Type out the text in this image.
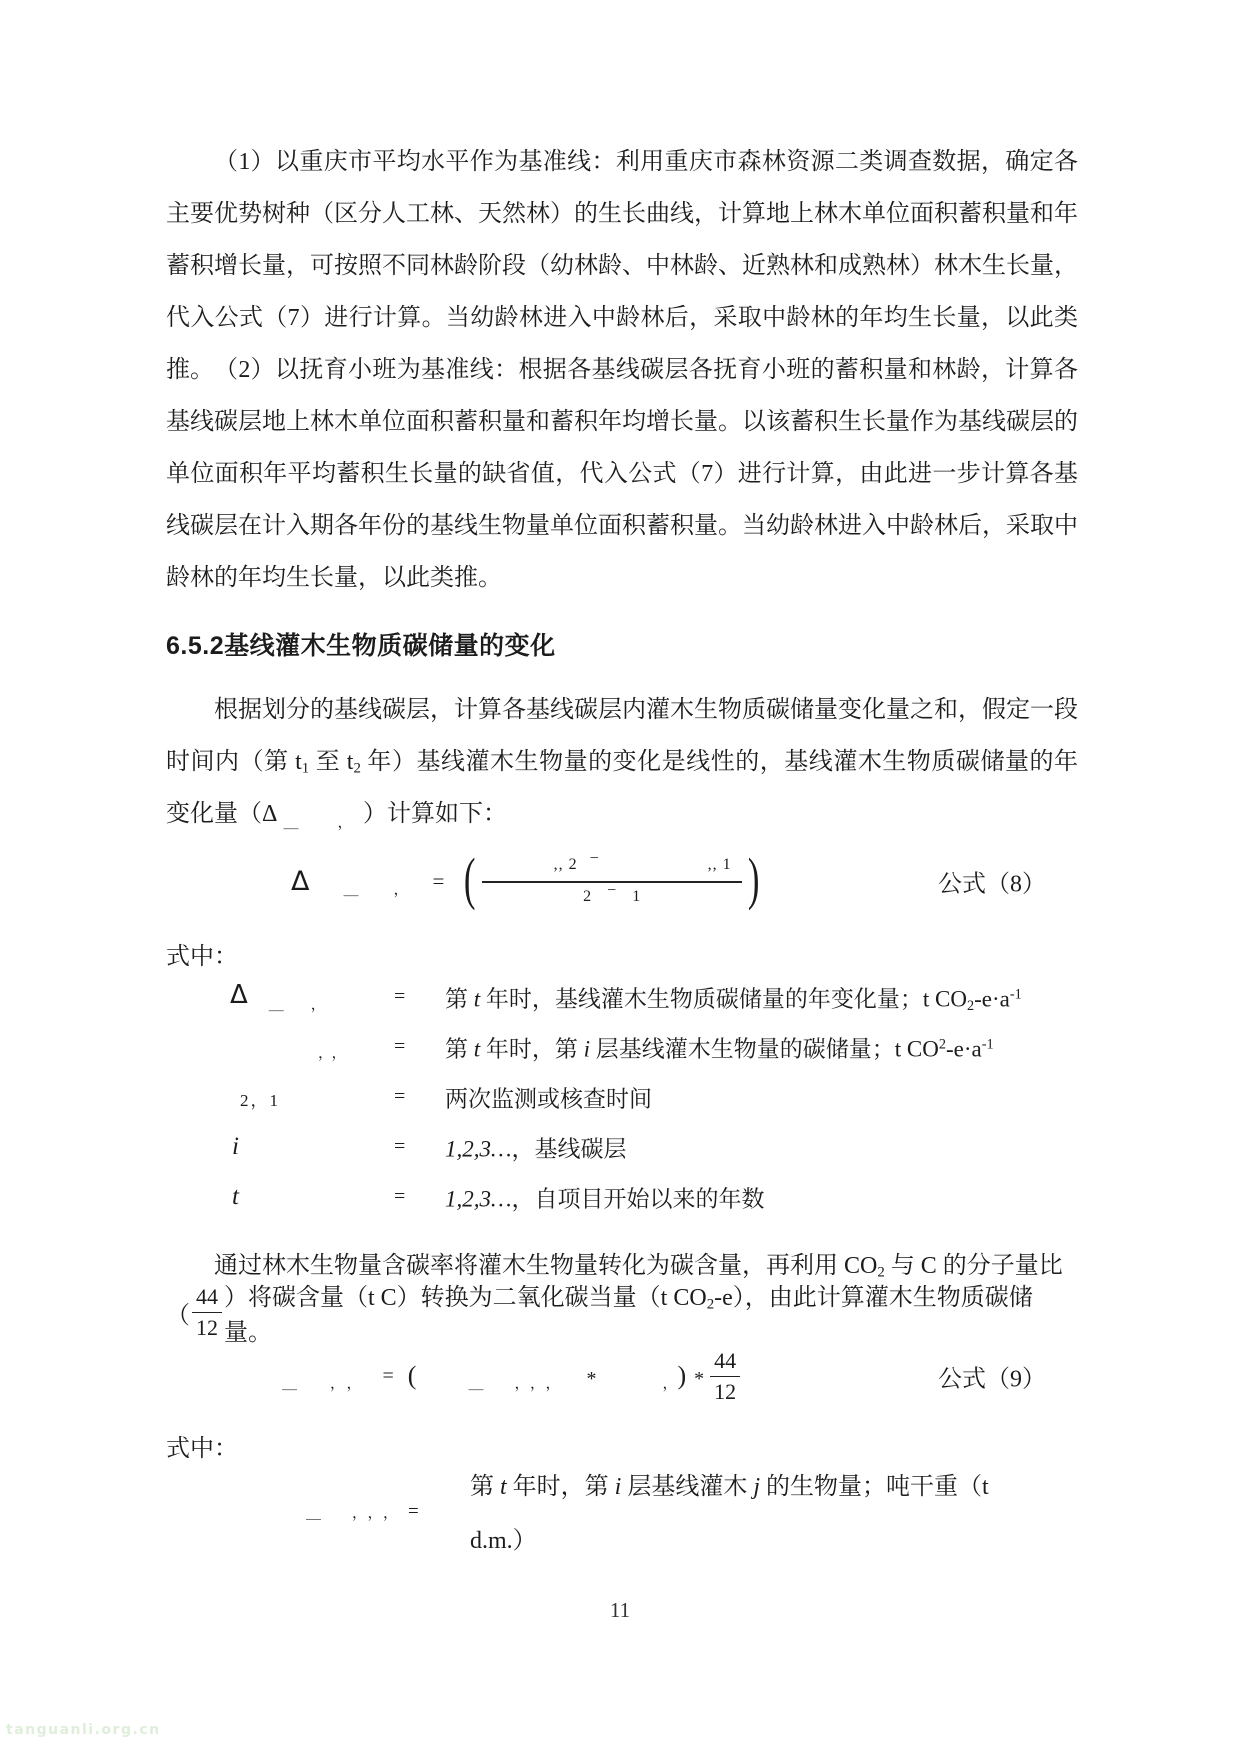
（1）以重庆市平均水平作为基准线：利用重庆市森林资源二类调查数据，确定各主要优势树种（区分人工林、天然林）的生长曲线，计算地上林木单位面积蓄积量和年蓄积增长量，可按照不同林龄阶段（幼林龄、中林龄、近熟林和成熟林）林木生长量，代入公式（7）进行计算。当幼龄林进入中龄林后，采取中龄林的年均生长量，以此类推。 （2）以抚育小班为基准线：根据各基线碳层各抚育小班的蓄积量和林龄，计算各基线碳层地上林木单位面积蓄积量和蓄积年均增长量。以该蓄积生长量作为基线碳层的单位面积年平均蓄积生长量的缺省值，代入公式（7）进行计算，由此进一步计算各基线碳层在计入期各年份的基线生物量单位面积蓄积量。当幼龄林进入中龄林后，采取中龄林的年均生长量，以此类推。
6.5.2基线灌木生物质碳储量的变化
根据划分的基线碳层，计算各基线碳层内灌木生物质碳储量变化量之和，假定一段时间内（第 $t_1$ 至 $t_2$ 年）基线灌木生物量的变化是线性的，基线灌木生物质碳储量的年变化量（Δ $_{\_ ,}$ ）计算如下：
Δ ＿　， = ( ,, 2 −	,, 1
2 − 1 )	公式（8）
式中：
Δ　$_{\_ ,}$	= 第 t 年时，基线灌木生物质碳储量的年变化量；t $CO_2-e\cdot a^{-1}$
$_{,,}$ = 第 t 年时，第 i 层基线灌木生物量的碳储量；t $CO^2-e\cdot a^{-1}$
2，1	= 两次监测或核查时间
i	= 1,2,3…，基线碳层
t	= 1,2,3…，自项目开始以来的年数
通过林木生物量含碳率将灌木生物量转化为碳含量，再利用 $CO_2$ 与 C 的分子量比
（ $\frac{44}{12}$ ）将碳含量（t C）转换为二氧化碳当量（t $CO_2-e$），由此计算灌木生物质碳储量。
＿　，， = (	＿　，，， *	， ) * $\frac{44}{12}$	公式（9）
式中：
＿　，，， =
第 t 年时，第 i 层基线灌木 j 的生物量；吨干重（t
d.m.）
11
tanguanli.org.cn
